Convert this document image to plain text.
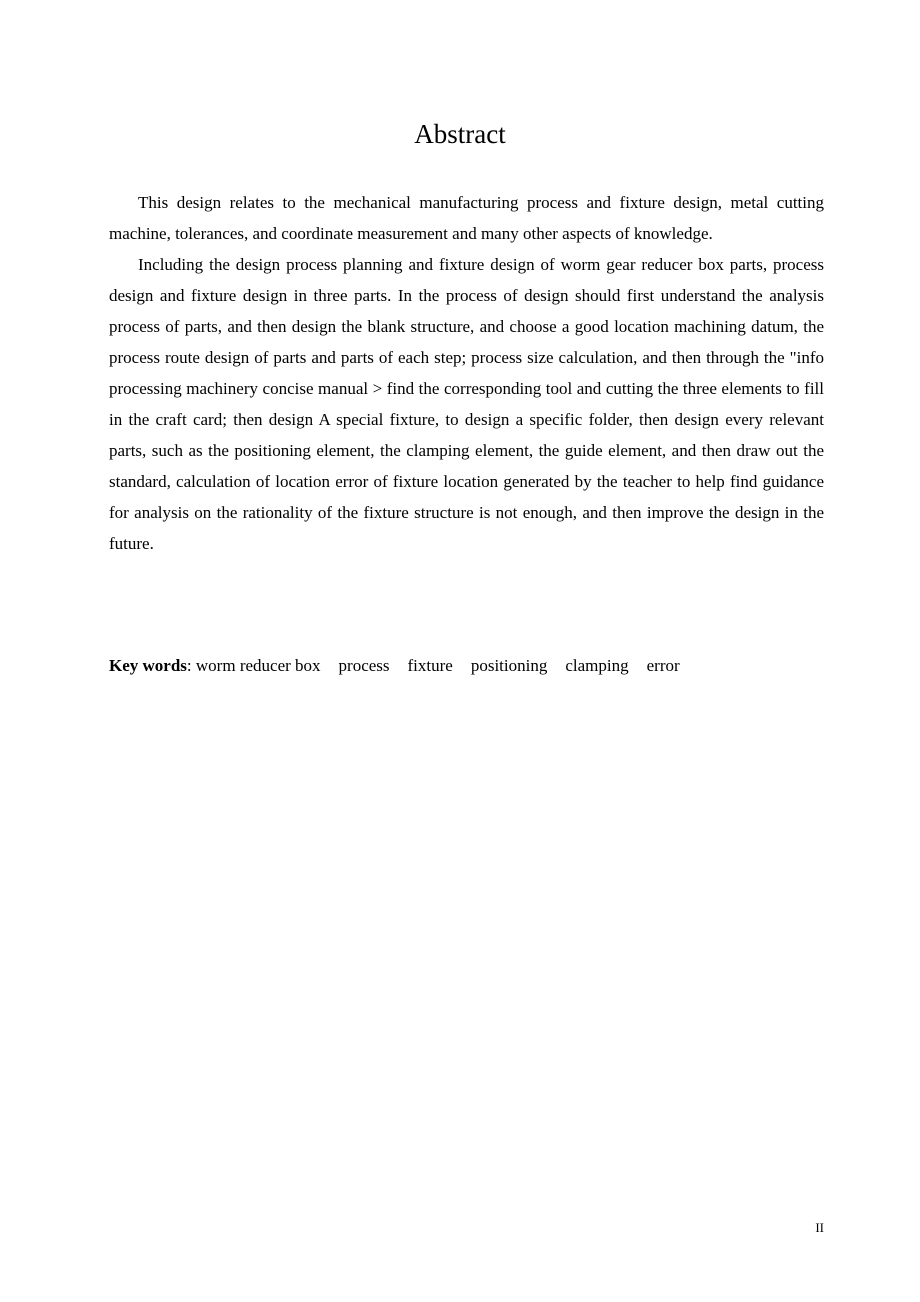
Abstract

This design relates to the mechanical manufacturing process and fixture design, metal cutting machine, tolerances, and coordinate measurement and many other aspects of knowledge.

Including the design process planning and fixture design of worm gear reducer box parts, process design and fixture design in three parts. In the process of design should first understand the analysis process of parts, and then design the blank structure, and choose a good location machining datum, the process route design of parts and parts of each step; process size calculation, and then through the "info processing machinery concise manual > find the corresponding tool and cutting the three elements to fill in the craft card; then design A special fixture, to design a specific folder, then design every relevant parts, such as the positioning element, the clamping element, the guide element, and then draw out the standard, calculation of location error of fixture location generated by the teacher to help find guidance for analysis on the rationality of the fixture structure is not enough, and then improve the design in the future.

Key words: worm reducer box process fixture positioning clamping error

II
